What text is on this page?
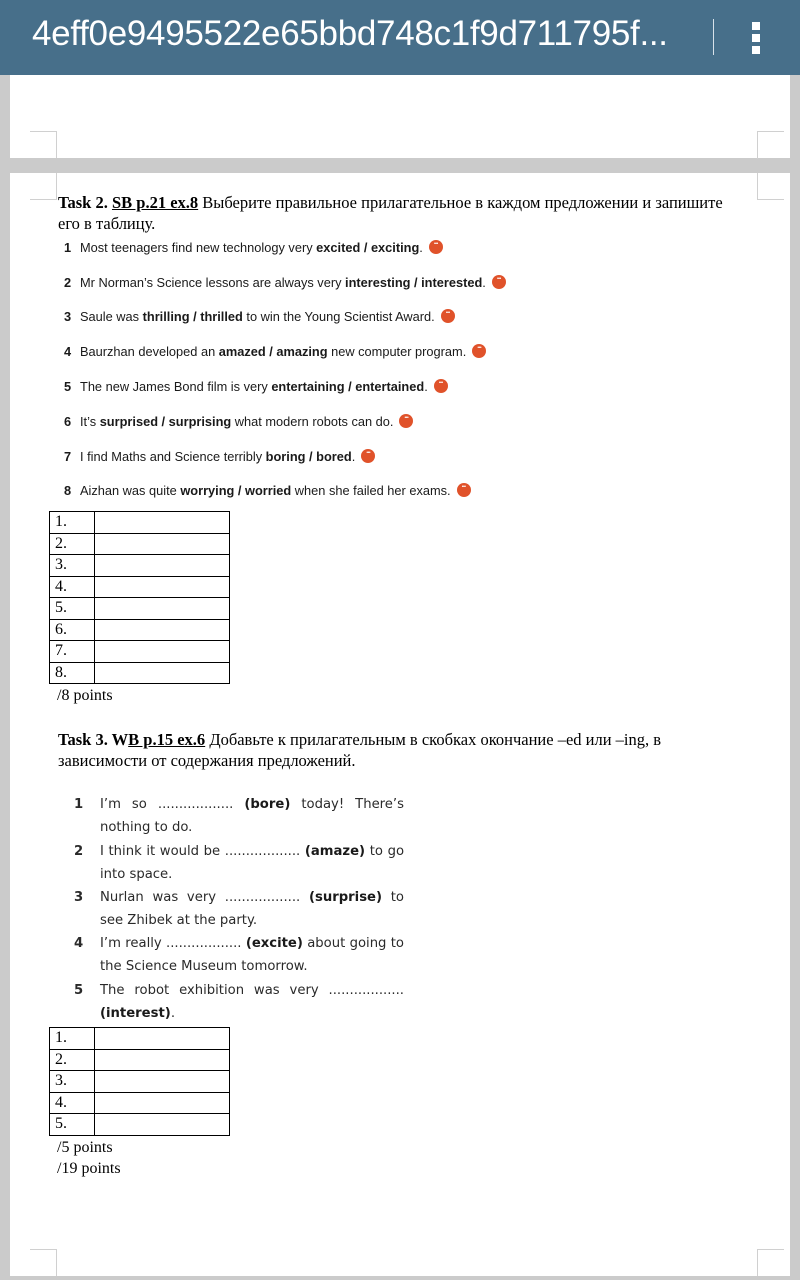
4eff0e9495522e65bbd748c1f9d711795f...
Task 2. SB p.21 ex.8 Выберите правильное прилагательное в каждом предложении и запишите его в таблицу.
1 Most teenagers find new technology very excited / exciting.•••
2 Mr Norman’s Science lessons are always very interesting / interested.•••
3 Saule was thrilling / thrilled to win the Young Scientist Award.•••
4 Baurzhan developed an amazed / amazing new computer program.•••
5 The new James Bond film is very entertaining / entertained.•••
6 It’s surprised / surprising what modern robots can do.•••
7 I find Maths and Science terribly boring / bored.•••
8 Aizhan was quite worrying / worried when she failed her exams.•••
1.	
2.	
3.	
4.	
5.	
6.	
7.	
8.	
/8 points
Task 3. WB p.15 ex.6 Добавьте к прилагательным в скобках окончание –ed или –ing, в зависимости от содержания предложений.
1 I’m so .................. (bore) today! There’s nothing to do.
2 I think it would be .................. (amaze) to go into space.
3 Nurlan was very .................. (surprise) to see Zhibek at the party.
4 I’m really .................. (excite) about going to the Science Museum tomorrow.
5 The robot exhibition was very .................. (interest).
1.	
2.	
3.	
4.	
5.	
/5 points
/19 points
